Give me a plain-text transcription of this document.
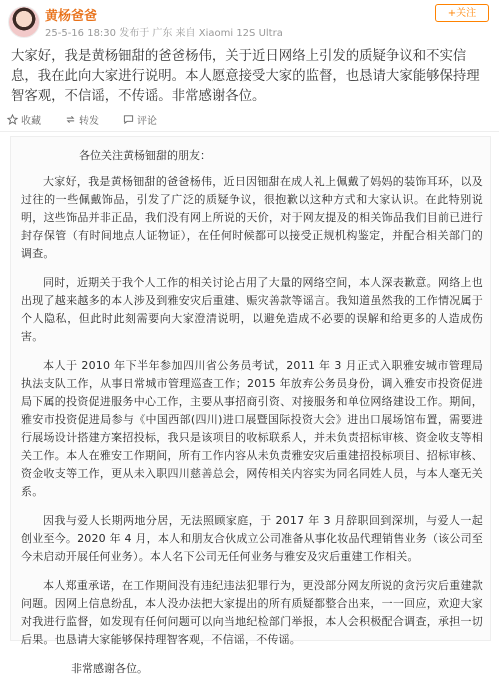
黄杨爸爸
25-5-16 18:30 发布于 广东 来自 Xiaomi 12S Ultra
+关注
大家好，我是黄杨钿甜的爸爸杨伟，关于近日网络上引发的质疑争议和不实信息，我在此向大家进行说明。本人愿意接受大家的监督，也恳请大家能够保持理智客观，不信谣，不传谣。非常感谢各位。
收藏	转发	评论
各位关注黄杨钿甜的朋友：
大家好，我是黄杨钿甜的爸爸杨伟，近日因钿甜在成人礼上佩戴了妈妈的装饰耳环，以及过往的一些佩戴饰品，引发了广泛的质疑争议，很抱歉以这种方式和大家认识。在此特别说明，这些饰品并非正品，我们没有网上所说的天价，对于网友提及的相关饰品我们目前已进行封存保管（有时间地点人证物证），在任何时候都可以接受正规机构鉴定，并配合相关部门的调查。
同时，近期关于我个人工作的相关讨论占用了大量的网络空间，本人深表歉意。网络上也出现了越来越多的本人涉及到雅安灾后重建、赈灾善款等谣言。我知道虽然我的工作情况属于个人隐私，但此时此刻需要向大家澄清说明，以避免造成不必要的误解和给更多的人造成伤害。
本人于 2010 年下半年参加四川省公务员考试，2011 年 3 月正式入职雅安城市管理局执法支队工作，从事日常城市管理巡查工作；2015 年放弃公务员身份，调入雅安市投资促进局下属的投资促进服务中心工作，主要从事招商引资、对接服务和单位网络建设工作。期间，雅安市投资促进局参与《中国西部(四川)进口展暨国际投资大会》进出口展场馆布置，需要进行展场设计搭建方案招投标，我只是该项目的收标联系人，并未负责招标审核、资金收支等相关工作。本人在雅安工作期间，所有工作内容从未负责雅安灾后重建招投标项目、招标审核、资金收支等工作，更从未入职四川慈善总会，网传相关内容实为同名同姓人员，与本人毫无关系。
因我与爱人长期两地分居，无法照顾家庭，于 2017 年 3 月辞职回到深圳，与爱人一起创业至今。2020 年 4 月，本人和朋友合伙成立公司准备从事化妆品代理销售业务（该公司至今未启动开展任何业务）。本人名下公司无任何业务与雅安及灾后重建工作相关。
本人郑重承诺，在工作期间没有违纪违法犯罪行为，更没部分网友所说的贪污灾后重建款问题。因网上信息纷乱，本人没办法把大家提出的所有质疑都整合出来，一一回应，欢迎大家对我进行监督，如发现有任何问题可以向当地纪检部门举报，本人会积极配合调查，承担一切后果。也恳请大家能够保持理智客观，不信谣，不传谣。
非常感谢各位。
